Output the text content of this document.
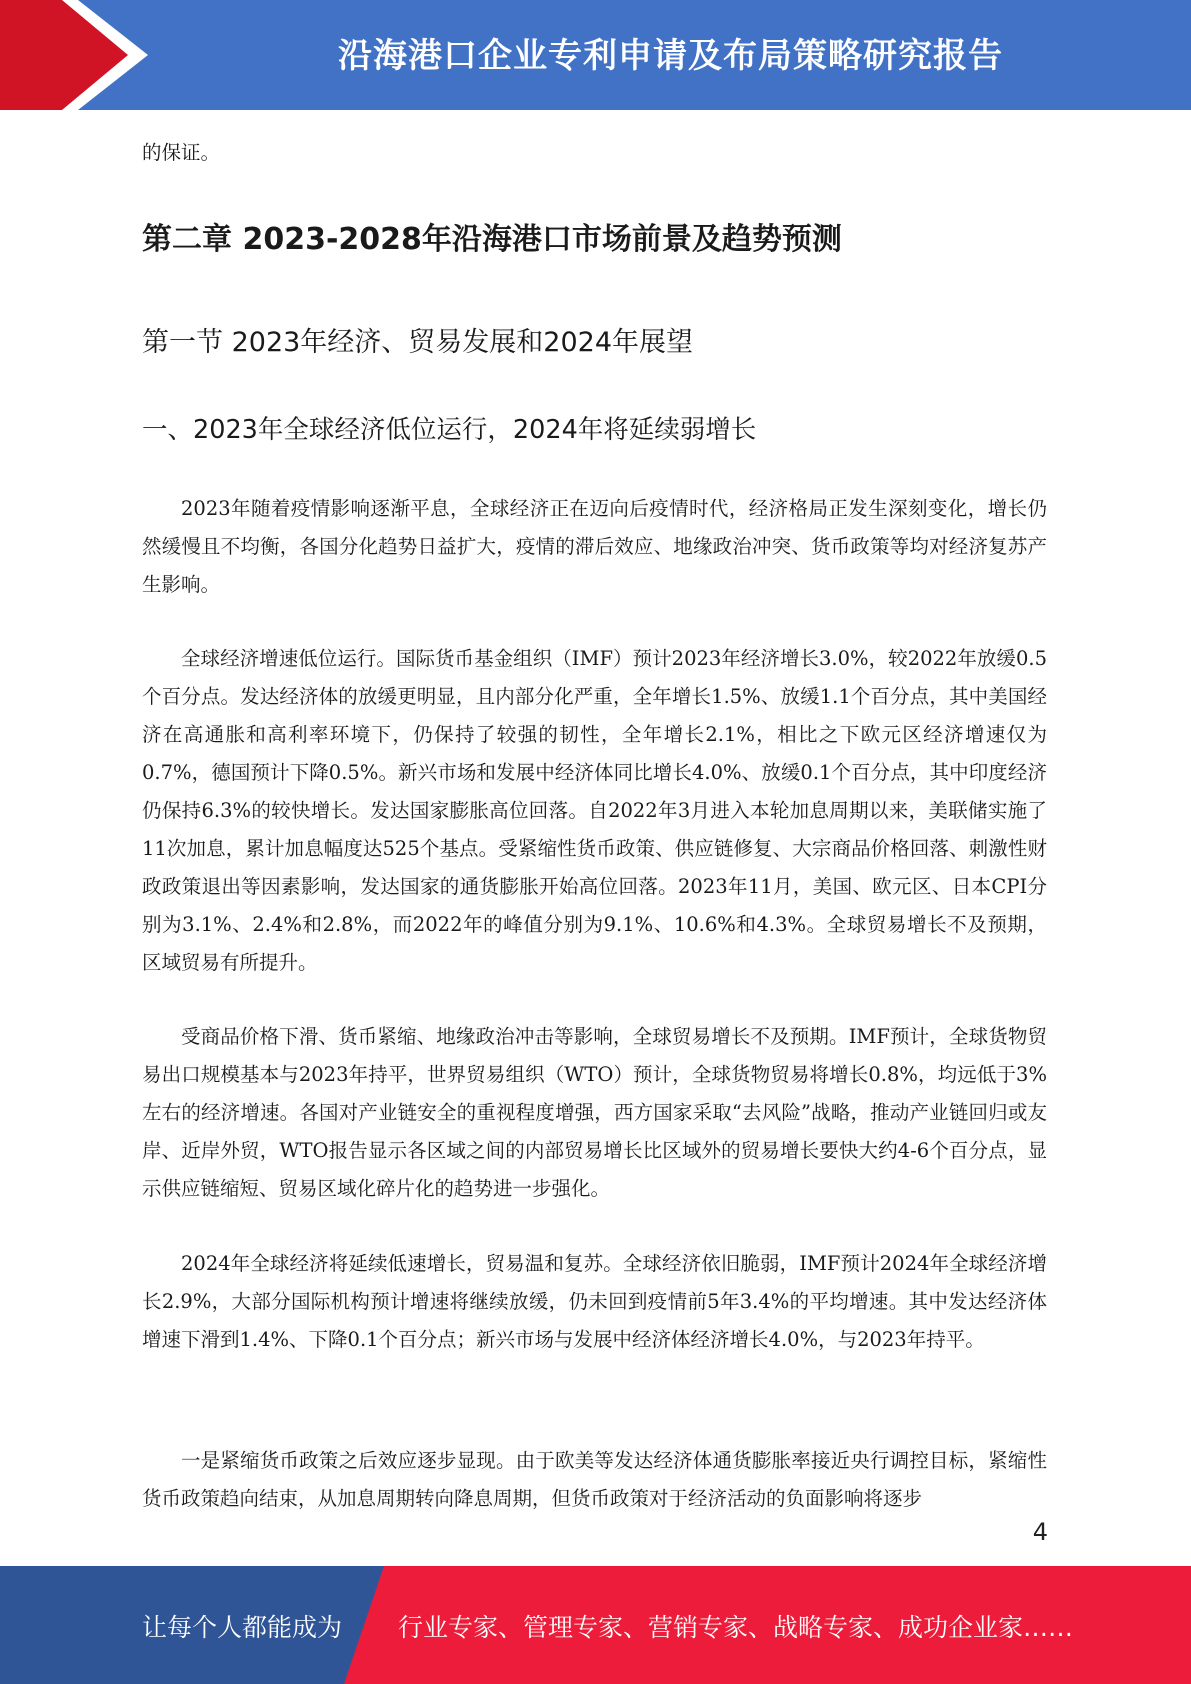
沿海港口企业专利申请及布局策略研究报告
的保证。
第二章 2023-2028年沿海港口市场前景及趋势预测
第一节 2023年经济、贸易发展和2024年展望
一、2023年全球经济低位运行，2024年将延续弱增长

2023年随着疫情影响逐渐平息，全球经济正在迈向后疫情时代，经济格局正发生深刻变化，增长仍然缓慢且不均衡，各国分化趋势日益扩大，疫情的滞后效应、地缘政治冲突、货币政策等均对经济复苏产生影响。

全球经济增速低位运行。国际货币基金组织（IMF）预计2023年经济增长3.0%，较2022年放缓0.5个百分点。发达经济体的放缓更明显，且内部分化严重，全年增长1.5%、放缓1.1个百分点，其中美国经济在高通胀和高利率环境下，仍保持了较强的韧性，全年增长2.1%，相比之下欧元区经济增速仅为0.7%，德国预计下降0.5%。新兴市场和发展中经济体同比增长4.0%、放缓0.1个百分点，其中印度经济仍保持6.3%的较快增长。发达国家膨胀高位回落。自2022年3月进入本轮加息周期以来，美联储实施了11次加息，累计加息幅度达525个基点。受紧缩性货币政策、供应链修复、大宗商品价格回落、刺激性财政政策退出等因素影响，发达国家的通货膨胀开始高位回落。2023年11月，美国、欧元区、日本CPI分别为3.1%、2.4%和2.8%，而2022年的峰值分别为9.1%、10.6%和4.3%。全球贸易增长不及预期，区域贸易有所提升。

受商品价格下滑、货币紧缩、地缘政治冲击等影响，全球贸易增长不及预期。IMF预计，全球货物贸易出口规模基本与2023年持平，世界贸易组织（WTO）预计，全球货物贸易将增长0.8%，均远低于3%左右的经济增速。各国对产业链安全的重视程度增强，西方国家采取“去风险”战略，推动产业链回归或友岸、近岸外贸，WTO报告显示各区域之间的内部贸易增长比区域外的贸易增长要快大约4-6个百分点，显示供应链缩短、贸易区域化碎片化的趋势进一步强化。

2024年全球经济将延续低速增长，贸易温和复苏。全球经济依旧脆弱，IMF预计2024年全球经济增长2.9%，大部分国际机构预计增速将继续放缓，仍未回到疫情前5年3.4%的平均增速。其中发达经济体增速下滑到1.4%、下降0.1个百分点；新兴市场与发展中经济体经济增长4.0%，与2023年持平。

一是紧缩货币政策之后效应逐步显现。由于欧美等发达经济体通货膨胀率接近央行调控目标，紧缩性货币政策趋向结束，从加息周期转向降息周期，但货币政策对于经济活动的负面影响将逐步

4
让每个人都能成为 行业专家、管理专家、营销专家、战略专家、成功企业家……
